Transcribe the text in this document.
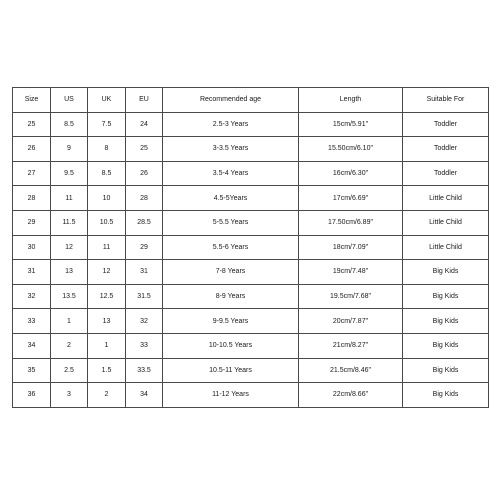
Size	US	UK	EU	Recommended age	Length	Suitable For
25	8.5	7.5	24	2.5-3 Years	15cm/5.91"	Toddler
26	9	8	25	3-3.5 Years	15.50cm/6.10"	Toddler
27	9.5	8.5	26	3.5-4 Years	16cm/6.30"	Toddler
28	11	10	28	4.5-5Years	17cm/6.69"	Little Child
29	11.5	10.5	28.5	5-5.5 Years	17.50cm/6.89"	Little Child
30	12	11	29	5.5-6 Years	18cm/7.09"	Little Child
31	13	12	31	7-8 Years	19cm/7.48"	Big Kids
32	13.5	12.5	31.5	8-9 Years	19.5cm/7.68"	Big Kids
33	1	13	32	9-9.5 Years	20cm/7.87"	Big Kids
34	2	1	33	10-10.5 Years	21cm/8.27"	Big Kids
35	2.5	1.5	33.5	10.5-11 Years	21.5cm/8.46"	Big Kids
36	3	2	34	11-12 Years	22cm/8.66"	Big Kids
